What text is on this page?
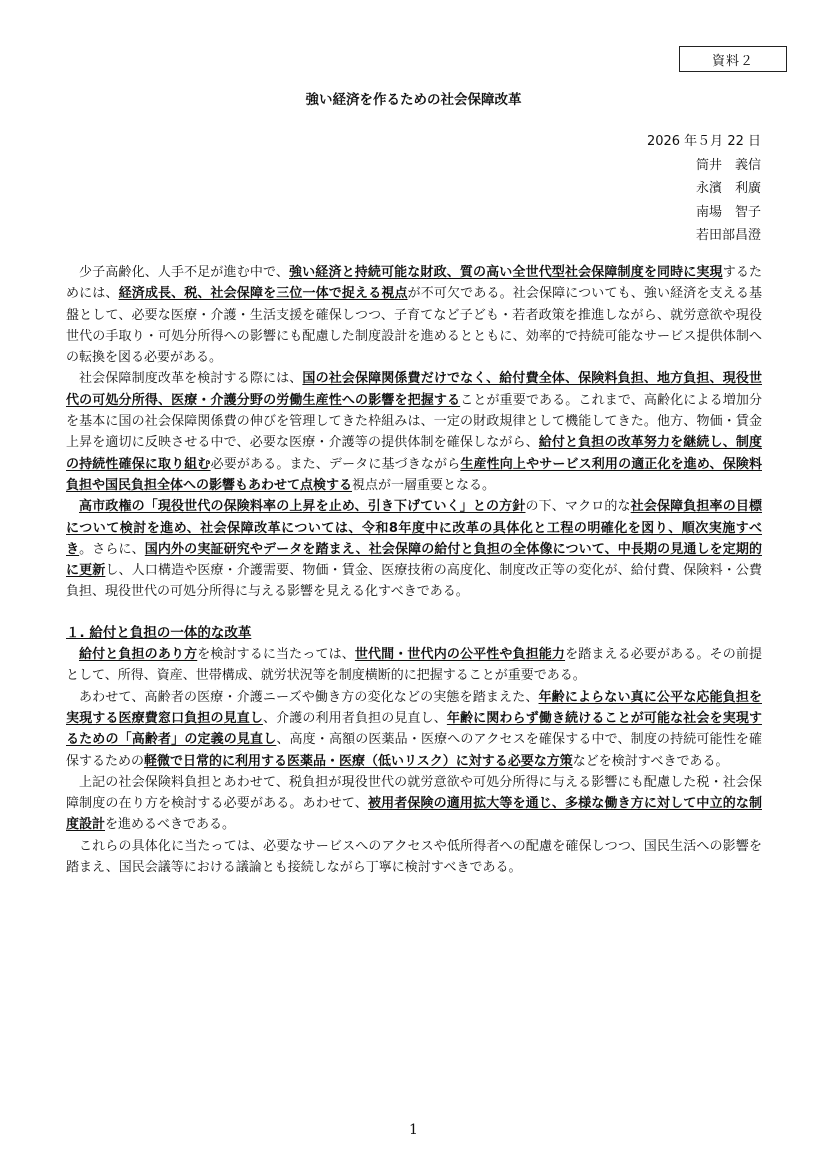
資料２
強い経済を作るための社会保障改革
2026 年５月 22 日
筒井　義信
永濱　利廣
南場　智子
若田部昌澄

少子高齢化、人手不足が進む中で、強い経済と持続可能な財政、質の高い全世代型社会保障制度を同時に実現するためには、経済成長、税、社会保障を三位一体で捉える視点が不可欠である。社会保障についても、強い経済を支える基盤として、必要な医療・介護・生活支援を確保しつつ、子育てなど子ども・若者政策を推進しながら、就労意欲や現役世代の手取り・可処分所得への影響にも配慮した制度設計を進めるとともに、効率的で持続可能なサービス提供体制への転換を図る必要がある。

社会保障制度改革を検討する際には、国の社会保障関係費だけでなく、給付費全体、保険料負担、地方負担、現役世代の可処分所得、医療・介護分野の労働生産性への影響を把握することが重要である。これまで、高齢化による増加分を基本に国の社会保障関係費の伸びを管理してきた枠組みは、一定の財政規律として機能してきた。他方、物価・賃金上昇を適切に反映させる中で、必要な医療・介護等の提供体制を確保しながら、給付と負担の改革努力を継続し、制度の持続性確保に取り組む必要がある。また、データに基づきながら生産性向上やサービス利用の適正化を進め、保険料負担や国民負担全体への影響もあわせて点検する視点が一層重要となる。

高市政権の「現役世代の保険料率の上昇を止め、引き下げていく」との方針の下、マクロ的な社会保障負担率の目標について検討を進め、社会保障改革については、令和8年度中に改革の具体化と工程の明確化を図り、順次実施すべき。さらに、国内外の実証研究やデータを踏まえ、社会保障の給付と負担の全体像について、中長期の見通しを定期的に更新し、人口構造や医療・介護需要、物価・賃金、医療技術の高度化、制度改正等の変化が、給付費、保険料・公費負担、現役世代の可処分所得に与える影響を見える化すべきである。

１. 給付と負担の一体的な改革

給付と負担のあり方を検討するに当たっては、世代間・世代内の公平性や負担能力を踏まえる必要がある。その前提として、所得、資産、世帯構成、就労状況等を制度横断的に把握することが重要である。

あわせて、高齢者の医療・介護ニーズや働き方の変化などの実態を踏まえた、年齢によらない真に公平な応能負担を実現する医療費窓口負担の見直し、介護の利用者負担の見直し、年齢に関わらず働き続けることが可能な社会を実現するための「高齢者」の定義の見直し、高度・高額の医薬品・医療へのアクセスを確保する中で、制度の持続可能性を確保するための軽微で日常的に利用する医薬品・医療（低いリスク）に対する必要な方策などを検討すべきである。

上記の社会保険料負担とあわせて、税負担が現役世代の就労意欲や可処分所得に与える影響にも配慮した税・社会保障制度の在り方を検討する必要がある。あわせて、被用者保険の適用拡大等を通じ、多様な働き方に対して中立的な制度設計を進めるべきである。

これらの具体化に当たっては、必要なサービスへのアクセスや低所得者への配慮を確保しつつ、国民生活への影響を踏まえ、国民会議等における議論とも接続しながら丁寧に検討すべきである。

1
